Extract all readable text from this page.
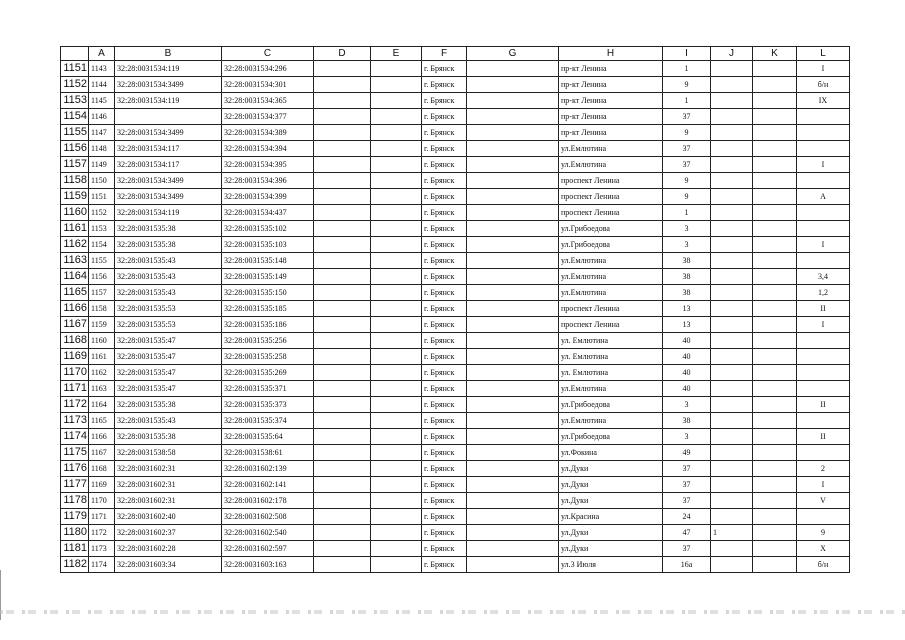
	A	B	C	D	E	F	G	H	I	J	K	L
1151	1143	32:28:0031534:119	32:28:0031534:296			г. Брянск		пр-кт Ленина	1			I
1152	1144	32:28:0031534:3499	32:28:0031534:301			г. Брянск		пр-кт Ленина	9			б/н
1153	1145	32:28:0031534:119	32:28:0031534:365			г. Брянск		пр-кт Ленина	1			IX
1154	1146		32:28:0031534:377			г. Брянск		пр-кт Ленина	37			
1155	1147	32:28:0031534:3499	32:28:0031534:389			г. Брянск		пр-кт Ленина	9			
1156	1148	32:28:0031534:117	32:28:0031534:394			г. Брянск		ул.Емлютина	37			
1157	1149	32:28:0031534:117	32:28:0031534:395			г. Брянск		ул.Емлютина	37			I
1158	1150	32:28:0031534:3499	32:28:0031534:396			г. Брянск		проспект Ленина	9			
1159	1151	32:28:0031534:3499	32:28:0031534:399			г. Брянск		проспект Ленина	9			А
1160	1152	32:28:0031534:119	32:28:0031534:437			г. Брянск		проспект Ленина	1			
1161	1153	32:28:0031535:38	32:28:0031535:102			г. Брянск		ул.Грибоедова	3			
1162	1154	32:28:0031535:38	32:28:0031535:103			г. Брянск		ул.Грибоедова	3			I
1163	1155	32:28:0031535:43	32:28:0031535:148			г. Брянск		ул.Емлютина	38			
1164	1156	32:28:0031535:43	32:28:0031535:149			г. Брянск		ул.Емлютина	38			3,4
1165	1157	32:28:0031535:43	32:28:0031535:150			г. Брянск		ул.Емлютина	38			1,2
1166	1158	32:28:0031535:53	32:28:0031535:185			г. Брянск		проспект Ленина	13			II
1167	1159	32:28:0031535:53	32:28:0031535:186			г. Брянск		проспект Ленина	13			I
1168	1160	32:28:0031535:47	32:28:0031535:256			г. Брянск		ул. Емлютина	40			
1169	1161	32:28:0031535:47	32:28:0031535:258			г. Брянск		ул. Емлютина	40			
1170	1162	32:28:0031535:47	32:28:0031535:269			г. Брянск		ул. Емлютина	40			
1171	1163	32:28:0031535:47	32:28:0031535:371			г. Брянск		ул.Емлютина	40			
1172	1164	32:28:0031535:38	32:28:0031535:373			г. Брянск		ул.Грибоедова	3			II
1173	1165	32:28:0031535:43	32:28:0031535:374			г. Брянск		ул.Емлютина	38			
1174	1166	32:28:0031535:38	32:28:0031535:64			г. Брянск		ул.Грибоедова	3			II
1175	1167	32:28:0031538:58	32:28:0031538:61			г. Брянск		ул.Фокина	49			
1176	1168	32:28:0031602:31	32:28:0031602:139			г. Брянск		ул.Дуки	37			2
1177	1169	32:28:0031602:31	32:28:0031602:141			г. Брянск		ул.Дуки	37			I
1178	1170	32:28:0031602:31	32:28:0031602:178			г. Брянск		ул.Дуки	37			V
1179	1171	32:28:0031602:40	32:28:0031602:508			г. Брянск		ул.Красина	24			
1180	1172	32:28:0031602:37	32:28:0031602:540			г. Брянск		ул.Дуки	47	1		9
1181	1173	32:28:0031602:28	32:28:0031602:597			г. Брянск		ул.Дуки	37			X
1182	1174	32:28:0031603:34	32:28:0031603:163			г. Брянск		ул.3 Июля	16а			б/н
